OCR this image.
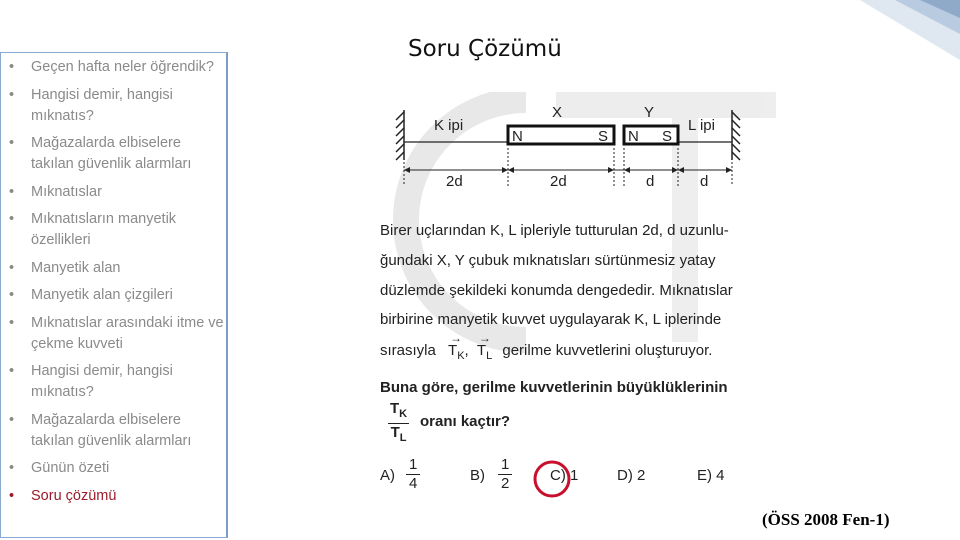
• Geçen hafta neler öğrendik?
• Hangisi demir, hangisi mıknatıs?
• Mağazalarda elbiselere takılan güvenlik alarmları
• Mıknatıslar
• Mıknatısların manyetik özellikleri
• Manyetik alan
• Manyetik alan çizgileri
• Mıknatıslar arasındaki itme ve çekme kuvveti
• Hangisi demir, hangisi mıknatıs?
• Mağazalarda elbiselere takılan güvenlik alarmları
• Günün özeti
• Soru çözümü
Soru Çözümü
K ipi	L ipi
X
N	S
Y
N S
2d	2d	d	d
Birer uçlarından K, L ipleriyle tutturulan 2d, d uzunlu-
ğundaki X, Y çubuk mıknatısları sürtünmesiz yatay
düzlemde şekildeki konumda dengededir. Mıknatıslar
birbirine manyetik kuvvet uygulayarak K, L iplerinde
sırasıyla
→
$T_K$,
→
$T_L$ gerilme kuvvetlerini oluşturuyor.
Buna göre, gerilme kuvvetlerinin büyüklüklerinin
$\frac{T_K}{T_L}$ oranı kaçtır?
$A) \frac{1}{4}$	$B) \frac{1}{2}$	C) 1	D) 2	E) 4
(ÖSS 2008 Fen-1)
